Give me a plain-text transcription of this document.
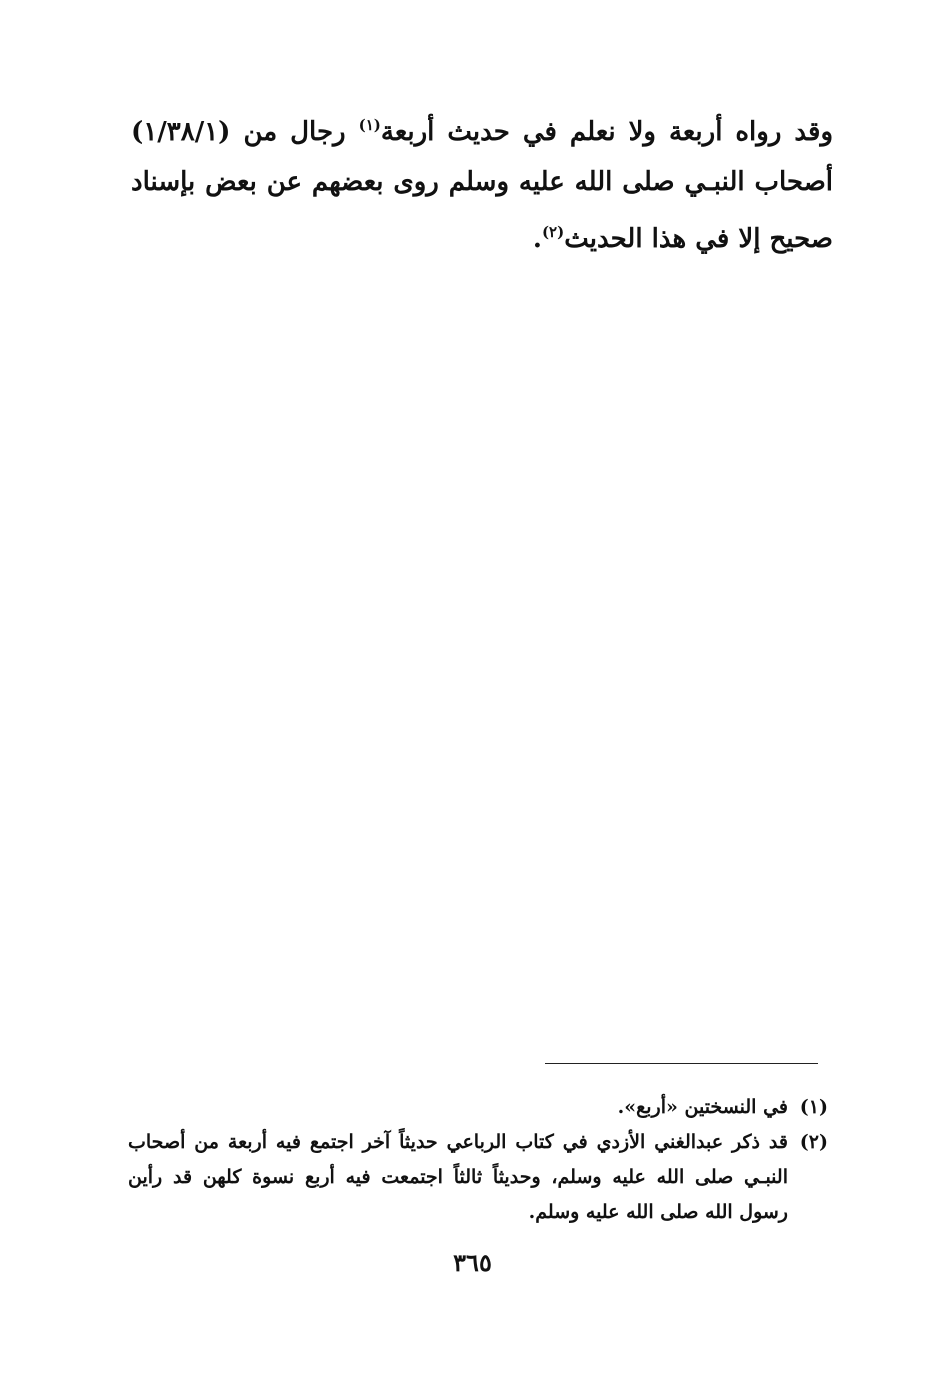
وقد رواه أربعة ولا نعلم في حديث أربعة$^{(١)}$ رجال من (١/٣٨/١) أصحاب النبـي صلى الله عليه وسلم روى بعضهم عن بعض بإسناد صحيح إلا في هذا الحديث$^{(٢)}$.

(١)
في النسختين «أربع».
(٢)
قد ذكر عبدالغني الأزدي في كتاب الرباعي حديثاً آخر اجتمع فيه أربعة من أصحاب النبـي صلى الله عليه وسلم، وحديثاً ثالثاً اجتمعت فيه أربع نسوة كلهن قد رأين رسول الله صلى الله عليه وسلم.
٣٦٥
